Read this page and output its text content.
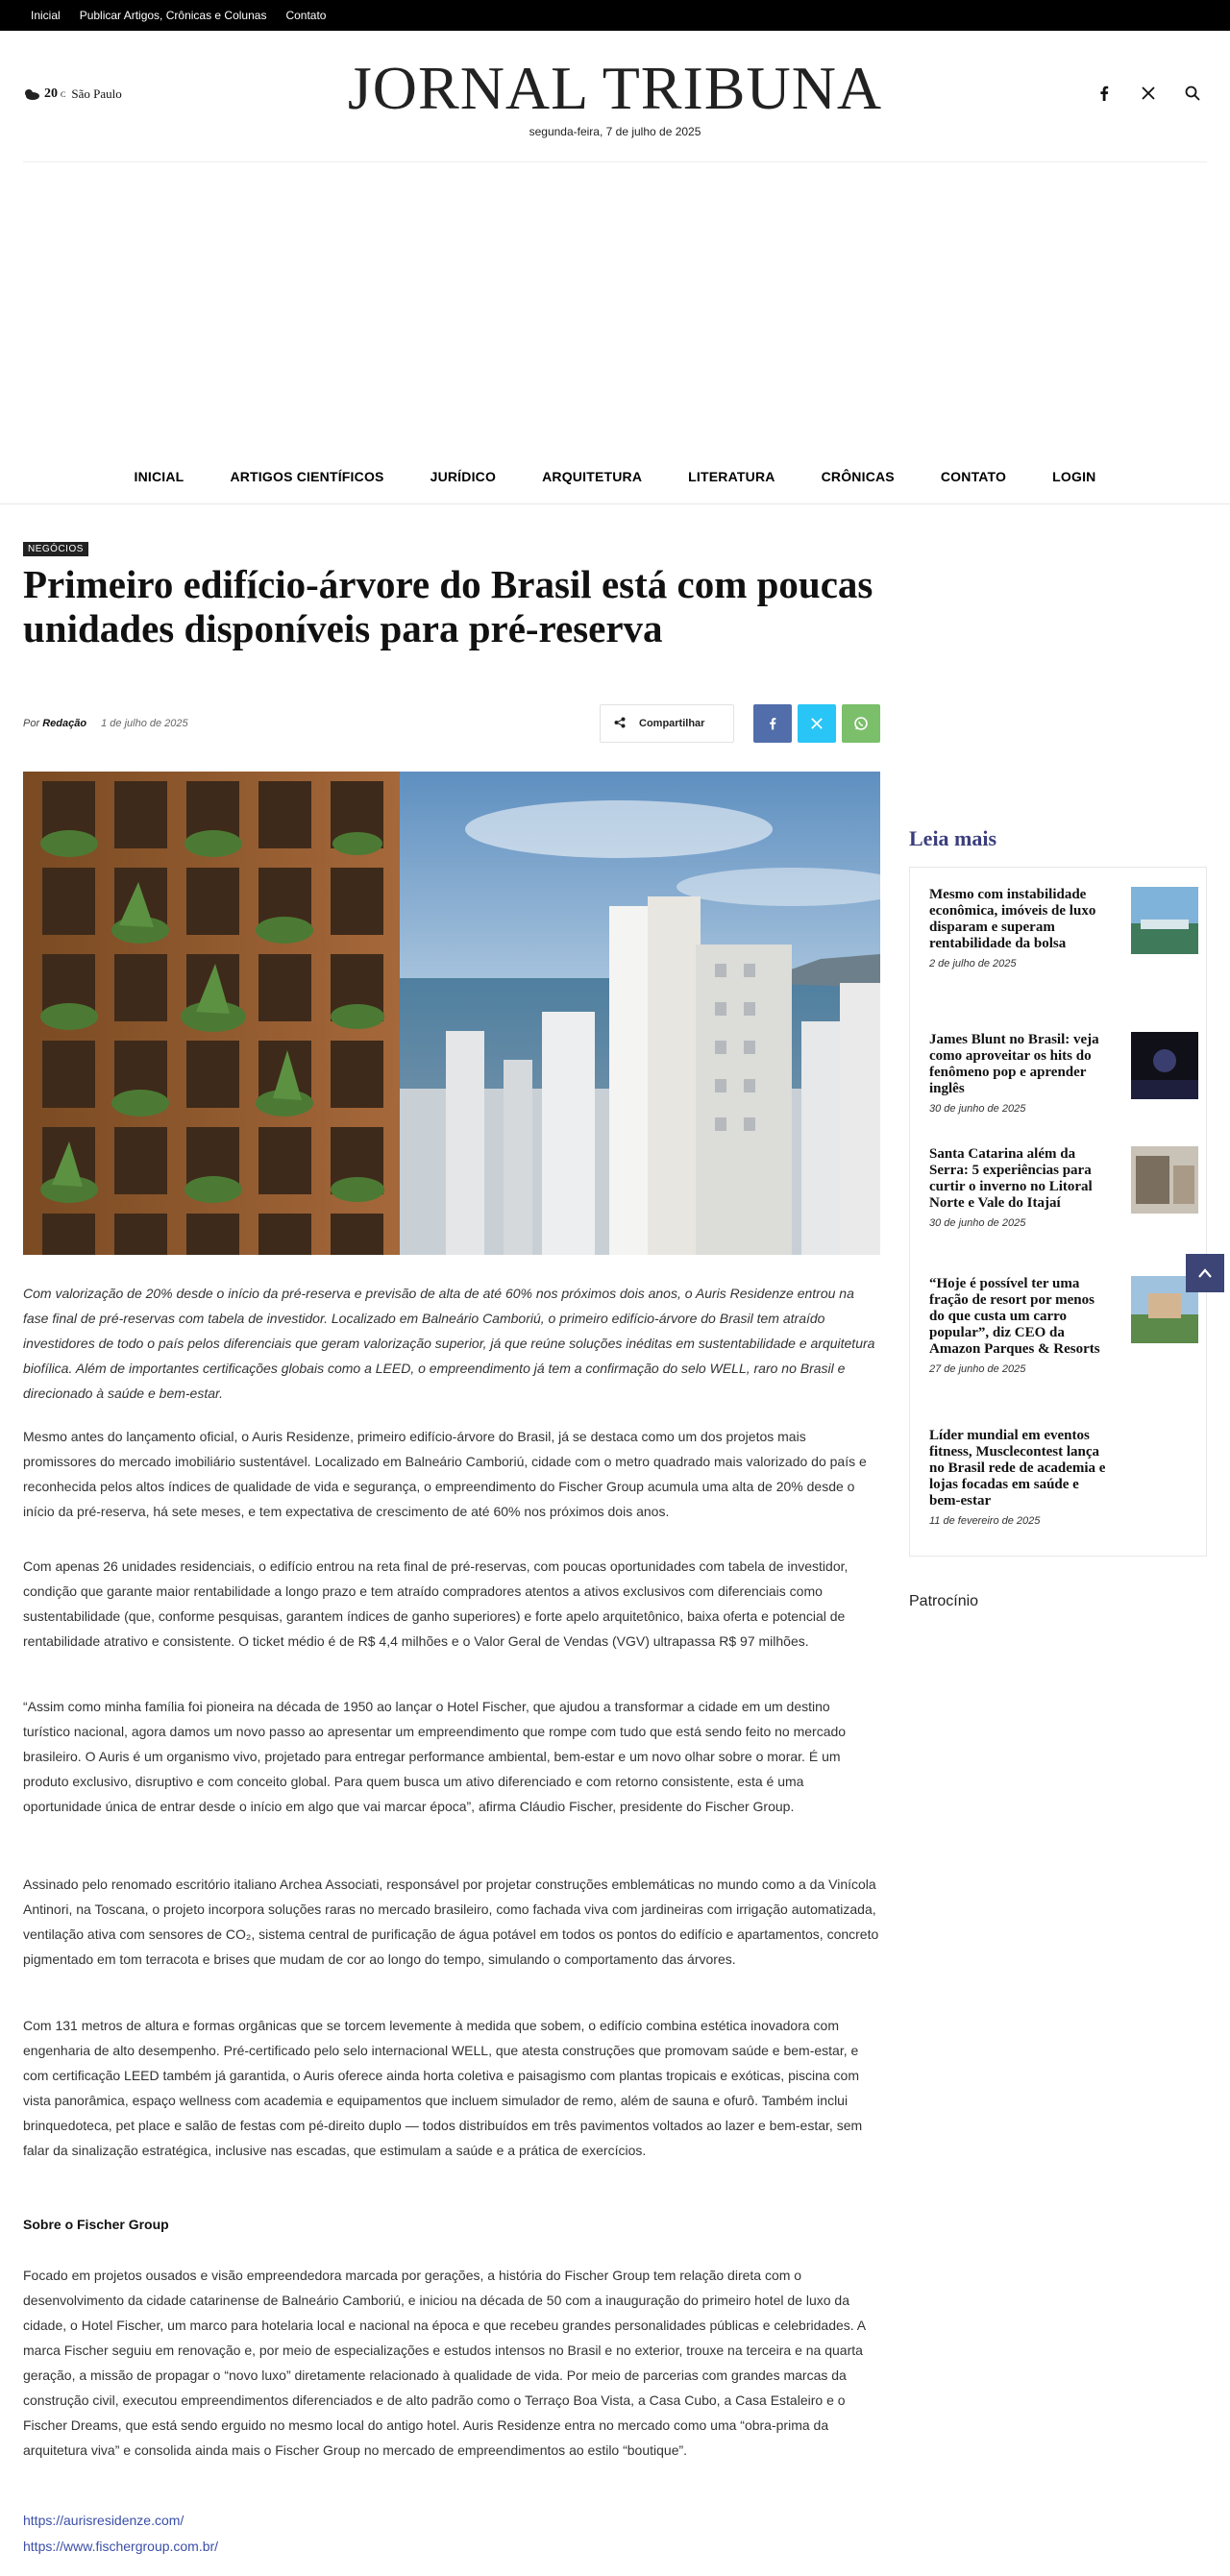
Inicial Publicar Artigos, Crônicas e Colunas Contato
20 C São Paulo	JORNAL TRIBUNA
segunda-feira, 7 de julho de 2025
INICIAL	ARTIGOS CIENTÍFICOS	JURÍDICO	ARQUITETURA	LITERATURA	CRÔNICAS	CONTATO	LOGIN
NEGÓCIOS
Primeiro edifício-árvore do Brasil está com poucas unidades disponíveis para pré-reserva
Por Redação 1 de julho de 2025	Compartilhar

Com valorização de 20% desde o início da pré-reserva e previsão de alta de até 60% nos próximos dois anos, o Auris Residenze entrou na fase final de pré-reservas com tabela de investidor. Localizado em Balneário Camboriú, o primeiro edifício-árvore do Brasil tem atraído investidores de todo o país pelos diferenciais que geram valorização superior, já que reúne soluções inéditas em sustentabilidade e arquitetura biofílica. Além de importantes certificações globais como a LEED, o empreendimento já tem a confirmação do selo WELL, raro no Brasil e direcionado à saúde e bem-estar.

Mesmo antes do lançamento oficial, o Auris Residenze, primeiro edifício-árvore do Brasil, já se destaca como um dos projetos mais promissores do mercado imobiliário sustentável. Localizado em Balneário Camboriú, cidade com o metro quadrado mais valorizado do país e reconhecida pelos altos índices de qualidade de vida e segurança, o empreendimento do Fischer Group acumula uma alta de 20% desde o início da pré-reserva, há sete meses, e tem expectativa de crescimento de até 60% nos próximos dois anos.

Com apenas 26 unidades residenciais, o edifício entrou na reta final de pré-reservas, com poucas oportunidades com tabela de investidor, condição que garante maior rentabilidade a longo prazo e tem atraído compradores atentos a ativos exclusivos com diferenciais como sustentabilidade (que, conforme pesquisas, garantem índices de ganho superiores) e forte apelo arquitetônico, baixa oferta e potencial de rentabilidade atrativo e consistente. O ticket médio é de R$ 4,4 milhões e o Valor Geral de Vendas (VGV) ultrapassa R$ 97 milhões.

“Assim como minha família foi pioneira na década de 1950 ao lançar o Hotel Fischer, que ajudou a transformar a cidade em um destino turístico nacional, agora damos um novo passo ao apresentar um empreendimento que rompe com tudo que está sendo feito no mercado brasileiro. O Auris é um organismo vivo, projetado para entregar performance ambiental, bem-estar e um novo olhar sobre o morar. É um produto exclusivo, disruptivo e com conceito global. Para quem busca um ativo diferenciado e com retorno consistente, esta é uma oportunidade única de entrar desde o início em algo que vai marcar época”, afirma Cláudio Fischer, presidente do Fischer Group.

Assinado pelo renomado escritório italiano Archea Associati, responsável por projetar construções emblemáticas no mundo como a da Vinícola Antinori, na Toscana, o projeto incorpora soluções raras no mercado brasileiro, como fachada viva com jardineiras com irrigação automatizada, ventilação ativa com sensores de CO₂, sistema central de purificação de água potável em todos os pontos do edifício e apartamentos, concreto pigmentado em tom terracota e brises que mudam de cor ao longo do tempo, simulando o comportamento das árvores.

Com 131 metros de altura e formas orgânicas que se torcem levemente à medida que sobem, o edifício combina estética inovadora com engenharia de alto desempenho. Pré-certificado pelo selo internacional WELL, que atesta construções que promovam saúde e bem-estar, e com certificação LEED também já garantida, o Auris oferece ainda horta coletiva e paisagismo com plantas tropicais e exóticas, piscina com vista panorâmica, espaço wellness com academia e equipamentos que incluem simulador de remo, além de sauna e ofurô. Também inclui brinquedoteca, pet place e salão de festas com pé-direito duplo — todos distribuídos em três pavimentos voltados ao lazer e bem-estar, sem falar da sinalização estratégica, inclusive nas escadas, que estimulam a saúde e a prática de exercícios.

Sobre o Fischer Group

Focado em projetos ousados e visão empreendedora marcada por gerações, a história do Fischer Group tem relação direta com o desenvolvimento da cidade catarinense de Balneário Camboriú, e iniciou na década de 50 com a inauguração do primeiro hotel de luxo da cidade, o Hotel Fischer, um marco para hotelaria local e nacional na época e que recebeu grandes personalidades públicas e celebridades. A marca Fischer seguiu em renovação e, por meio de especializações e estudos intensos no Brasil e no exterior, trouxe na terceira e na quarta geração, a missão de propagar o “novo luxo” diretamente relacionado à qualidade de vida. Por meio de parcerias com grandes marcas da construção civil, executou empreendimentos diferenciados e de alto padrão como o Terraço Boa Vista, a Casa Cubo, a Casa Estaleiro e o Fischer Dreams, que está sendo erguido no mesmo local do antigo hotel. Auris Residenze entra no mercado como uma “obra-prima da arquitetura viva” e consolida ainda mais o Fischer Group no mercado de empreendimentos ao estilo “boutique”.

https://aurisresidenze.com/
https://www.fischergroup.com.br/
Leia mais
Mesmo com instabilidade econômica, imóveis de luxo disparam e superam rentabilidade da bolsa
2 de julho de 2025
James Blunt no Brasil: veja como aproveitar os hits do fenômeno pop e aprender inglês
30 de junho de 2025
Santa Catarina além da Serra: 5 experiências para curtir o inverno no Litoral Norte e Vale do Itajaí
30 de junho de 2025
“Hoje é possível ter uma fração de resort por menos do que custa um carro popular”, diz CEO da Amazon Parques & Resorts
27 de junho de 2025
Líder mundial em eventos fitness, Musclecontest lança no Brasil rede de academia e lojas focadas em saúde e bem-estar
11 de fevereiro de 2025
Patrocínio
